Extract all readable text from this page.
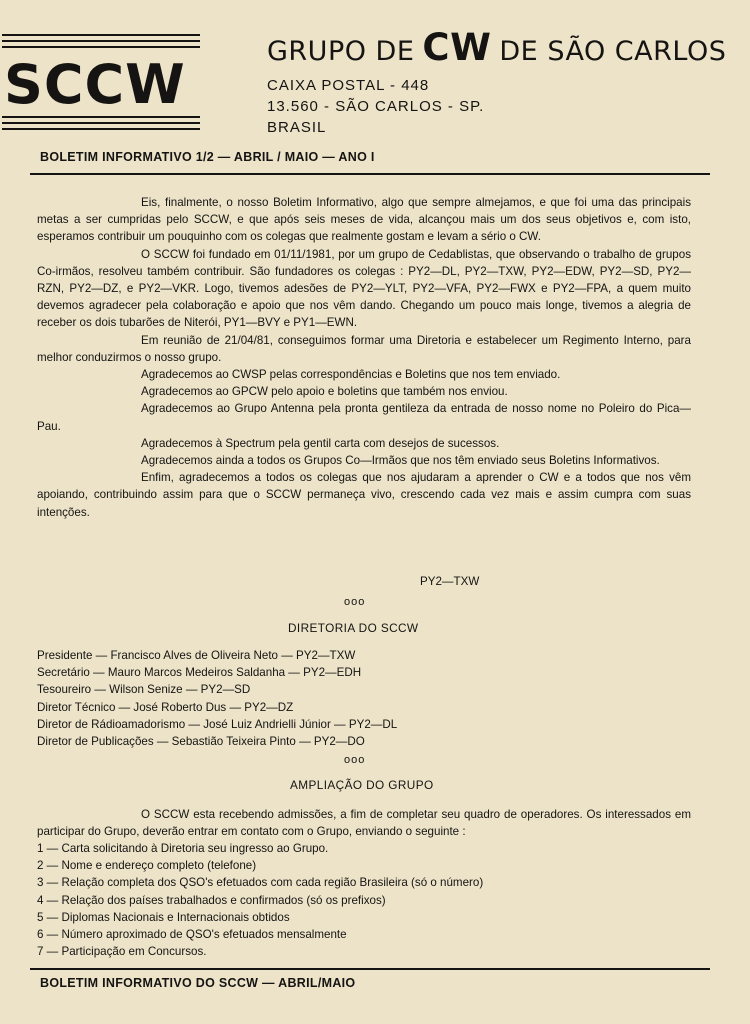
SCCW
GRUPO DE CW DE SÃO CARLOS
CAIXA POSTAL - 448
13.560 - SÃO CARLOS - SP.
BRASIL
BOLETIM INFORMATIVO 1/2 — ABRIL / MAIO — ANO I

Eis, finalmente, o nosso Boletim Informativo, algo que sempre almejamos, e que foi uma das principais metas a ser cumpridas pelo SCCW, e que após seis meses de vida, alcançou mais um dos seus objetivos e, com isto, esperamos contribuir um pouquinho com os colegas que realmente gostam e levam a sério o CW.

O SCCW foi fundado em 01/11/1981, por um grupo de Cedablistas, que observando o trabalho de grupos Co-irmãos, resolveu também contribuir. São fundadores os colegas : PY2—DL, PY2—TXW, PY2—EDW, PY2—SD, PY2—RZN, PY2—DZ, e PY2—VKR. Logo, tivemos adesões de PY2—YLT, PY2—VFA, PY2—FWX e PY2—FPA, a quem muito devemos agradecer pela colaboração e apoio que nos vêm dando. Chegando um pouco mais longe, tivemos a alegria de receber os dois tubarões de Niterói, PY1—BVY e PY1—EWN.

Em reunião de 21/04/81, conseguimos formar uma Diretoria e estabelecer um Regimento Interno, para melhor conduzirmos o nosso grupo.

Agradecemos ao CWSP pelas correspondências e Boletins que nos tem enviado.

Agradecemos ao GPCW pelo apoio e boletins que também nos enviou.

Agradecemos ao Grupo Antenna pela pronta gentileza da entrada de nosso nome no Poleiro do Pica—Pau.

Agradecemos à Spectrum pela gentil carta com desejos de sucessos.

Agradecemos ainda a todos os Grupos Co—Irmãos que nos têm enviado seus Boletins Informativos.

Enfim, agradecemos a todos os colegas que nos ajudaram a aprender o CW e a todos que nos vêm apoiando, contribuindo assim para que o SCCW permaneça vivo, crescendo cada vez mais e assim cumpra com suas intenções.

PY2—TXW
ooo
DIRETORIA DO SCCW
Presidente — Francisco Alves de Oliveira Neto — PY2—TXW
Secretário — Mauro Marcos Medeiros Saldanha — PY2—EDH
Tesoureiro — Wilson Senize — PY2—SD
Diretor Técnico — José Roberto Dus — PY2—DZ
Diretor de Rádioamadorismo — José Luiz Andrielli Júnior — PY2—DL
Diretor de Publicações — Sebastião Teixeira Pinto — PY2—DO
ooo
AMPLIAÇÃO DO GRUPO

O SCCW esta recebendo admissões, a fim de completar seu quadro de operadores. Os interessados em participar do Grupo, deverão entrar em contato com o Grupo, enviando o seguinte :

1 — Carta solicitando à Diretoria seu ingresso ao Grupo.
2 — Nome e endereço completo (telefone)
3 — Relação completa dos QSO's efetuados com cada região Brasileira (só o número)
4 — Relação dos países trabalhados e confirmados (só os prefixos)
5 — Diplomas Nacionais e Internacionais obtidos
6 — Número aproximado de QSO's efetuados mensalmente
7 — Participação em Concursos.
BOLETIM INFORMATIVO DO SCCW — ABRIL/MAIO
